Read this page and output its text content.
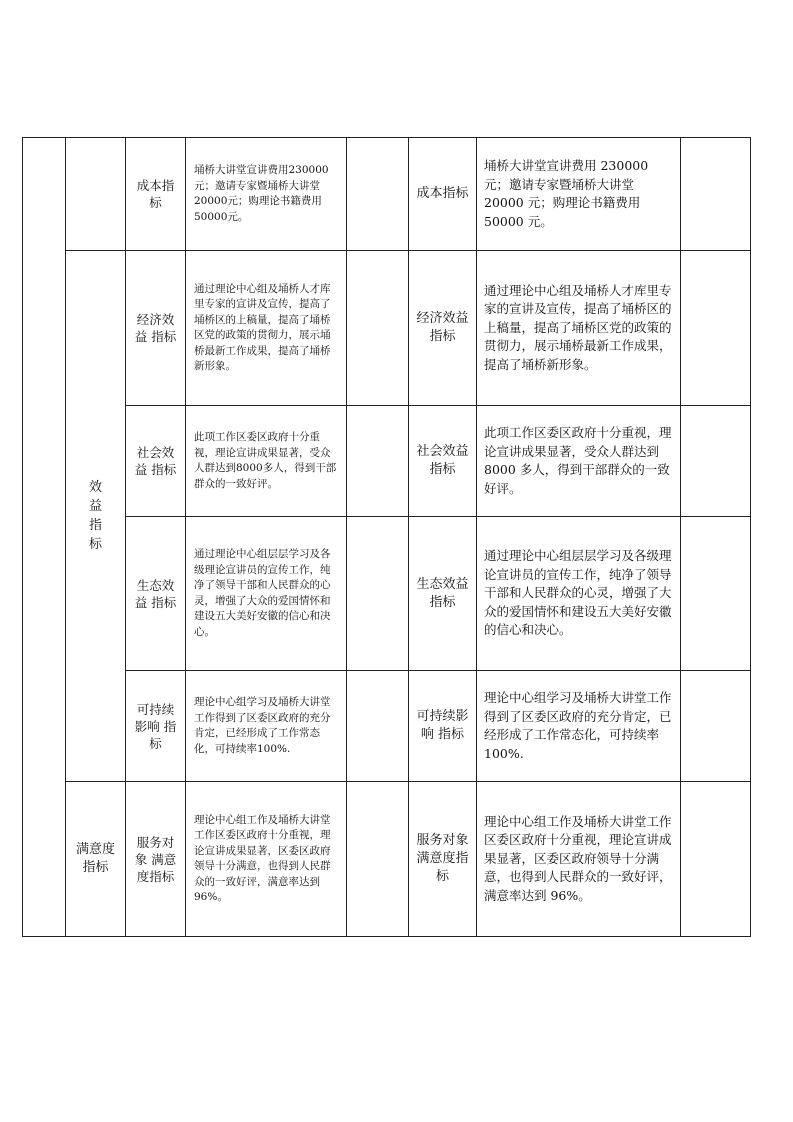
		成本指标	埇桥大讲堂宣讲费用230000元；邀请专家暨埇桥大讲堂20000元；购理论书籍费用50000元。		成本指标	埇桥大讲堂宣讲费用 230000 元；邀请专家暨埇桥大讲堂 20000 元；购理论书籍费用 50000 元。	
	效益指标	经济效益 指标	通过理论中心组及埇桥人才库里专家的宣讲及宣传，提高了埇桥区的上稿量，提高了埇桥区党的政策的贯彻力，展示埇桥最新工作成果，提高了埇桥新形象。		经济效益指标	通过理论中心组及埇桥人才库里专家的宣讲及宣传，提高了埇桥区的上稿量，提高了埇桥区党的政策的贯彻力，展示埇桥最新工作成果，提高了埇桥新形象。	
		社会效益 指标	此项工作区委区政府十分重视，理论宣讲成果显著，受众人群达到8000多人，得到干部群众的一致好评。		社会效益指标	此项工作区委区政府十分重视，理论宣讲成果显著，受众人群达到 8000 多人，得到干部群众的一致好评。	
		生态效益 指标	通过理论中心组层层学习及各级理论宣讲员的宣传工作，纯净了领导干部和人民群众的心灵，增强了大众的爱国情怀和建设五大美好安徽的信心和决心。		生态效益指标	通过理论中心组层层学习及各级理论宣讲员的宣传工作，纯净了领导干部和人民群众的心灵，增强了大众的爱国情怀和建设五大美好安徽的信心和决心。	
		可持续影响 指标	理论中心组学习及埇桥大讲堂工作得到了区委区政府的充分肯定，已经形成了工作常态化，可持续率100%.		可持续影响 指标	理论中心组学习及埇桥大讲堂工作得到了区委区政府的充分肯定，已经形成了工作常态化，可持续率 100%.	
	满意度指标	服务对象 满意度指标	理论中心组工作及埇桥大讲堂工作区委区政府十分重视，理论宣讲成果显著，区委区政府领导十分满意，也得到人民群众的一致好评，满意率达到96%。		服务对象满意度指标	理论中心组工作及埇桥大讲堂工作区委区政府十分重视，理论宣讲成果显著，区委区政府领导十分满意，也得到人民群众的一致好评，满意率达到 96%。	
